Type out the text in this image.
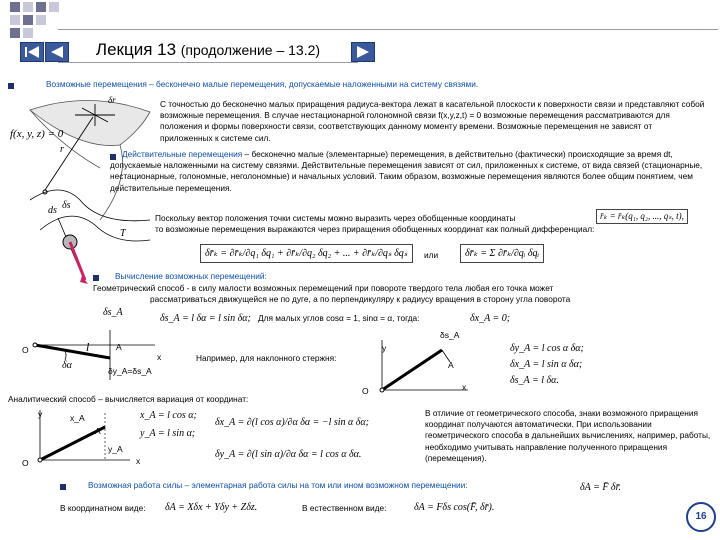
Лекция 13 (продолжение – 13.2)
Возможные перемещения – бесконечно малые перемещения, допускаемые наложенными на систему связями.
f(x, y, z) = 0
r
δr	С точностью до бесконечно малых приращения радиуса-вектора лежат в касательной плоскости к поверхности связи и представляют собой возможные перемещения. В случае нестационарной голономной связи f(x,y,z,t) = 0 возможные перемещения рассматриваются для положения и формы поверхности связи, соответствующих данному моменту времени. Возможные перемещения не зависят от приложенных к системе сил.
Действительные перемещения – бесконечно малые (элементарные) перемещения, в действительно (фактически) происходящие за время dt, допускаемые наложенными на систему связями. Действительные перемещения зависят от сил, приложенных к системе, от вида связей (стационарные, нестационарные, голономные, неголономные) и начальных условий. Таким образом, возможные перемещения являются более общим понятием, чем действительные перемещения.
ds δs
T
Поскольку вектор положения точки системы можно выразить через обобщенные координаты	r̄ₖ = r̄ₖ(q₁, q₂, ..., qₛ, t),
то возможные перемещения выражаются через приращения обобщенных координат как полный дифференциал:
δr̄ₖ = ∂r̄ₖ/∂q₁ δq₁ + ∂r̄ₖ/∂q₂ δq₂ + ... + ∂r̄ₖ/∂qₛ δqₛ	или	δr̄ₖ = Σ ∂r̄ₖ/∂qᵢ δqᵢ
Вычисление возможных перемещений:
Геометрический способ - в силу малости возможных перемещений при повороте твердого тела любая его точка может
рассматриваться движущейся не по дуге, а по перпендикуляру к радиусу вращения в сторону угла поворота
δs_A
δs_A = l δα = l sin δα; Для малых углов cosα = 1, sinα = α, тогда:	δx_A = 0;
O	A
l
x
δα	δy_A=δs_A
Например, для наклонного стержня:
y
O
δs_A
A
x
δy_A = l cos α δα;
δx_A = l sin α δα;
δs_A = l δα.
Аналитический способ – вычисляется вариация от координат:
y	x_A
A
y_A
O	x
x_A = l cos α;
y_A = l sin α;
δx_A = ∂(l cos α)/∂α δα = −l sin α δα;
δy_A = ∂(l sin α)/∂α δα = l cos α δα.
В отличие от геометрического способа, знаки возможного приращения координат получаются автоматически. При использовании геометрического способа в дальнейших вычислениях, например, работы, необходимо учитывать направление полученного приращения (перемещения).
Возможная работа силы – элементарная работа силы на том или ином возможном перемещении:	δA = F̄ δr̄.
В координатном виде: δA = Xδx + Yδy + Zδz.	В естественном виде:	δA = Fδs cos(F̄, δr̄).
16
